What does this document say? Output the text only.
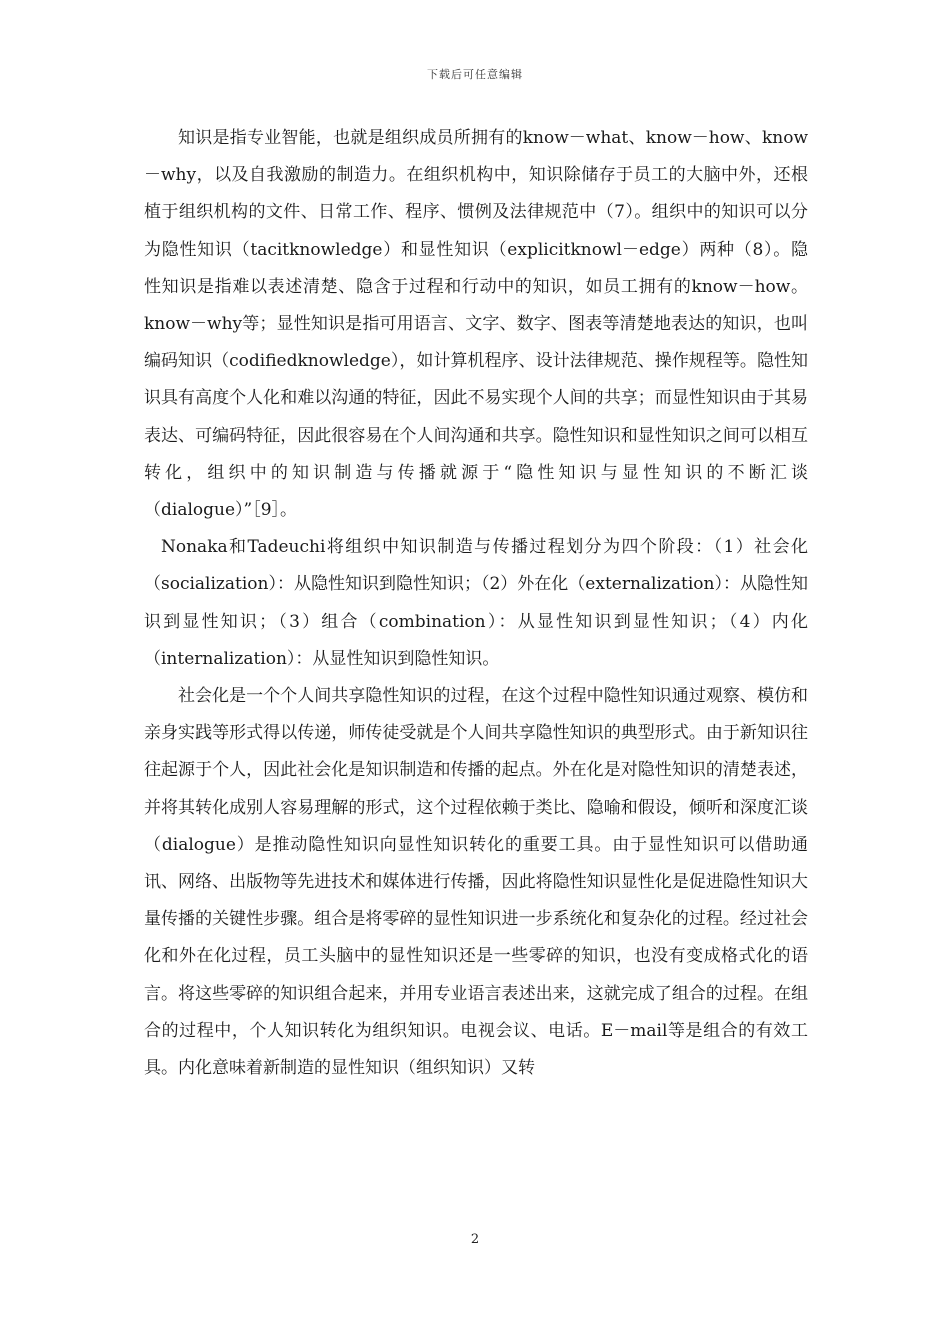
下载后可任意编辑

知识是指专业智能，也就是组织成员所拥有的know－what、know－how、know－why，以及自我激励的制造力。在组织机构中，知识除储存于员工的大脑中外，还根植于组织机构的文件、日常工作、程序、惯例及法律规范中（7）。组织中的知识可以分为隐性知识（tacitknowledge）和显性知识（explicitknowl－edge）两种（8）。隐性知识是指难以表述清楚、隐含于过程和行动中的知识，如员工拥有的know－how。know－why等；显性知识是指可用语言、文字、数字、图表等清楚地表达的知识，也叫编码知识（codifiedknowledge），如计算机程序、设计法律规范、操作规程等。隐性知识具有高度个人化和难以沟通的特征，因此不易实现个人间的共享；而显性知识由于其易表达、可编码特征，因此很容易在个人间沟通和共享。隐性知识和显性知识之间可以相互转化，组织中的知识制造与传播就源于“隐性知识与显性知识的不断汇谈（dialogue）”［9］。

Nonaka和Tadeuchi将组织中知识制造与传播过程划分为四个阶段：（1）社会化（socialization）：从隐性知识到隐性知识；（2）外在化（externalization）：从隐性知识到显性知识；（3）组合（combination）：从显性知识到显性知识；（4）内化（internalization）：从显性知识到隐性知识。

社会化是一个个人间共享隐性知识的过程，在这个过程中隐性知识通过观察、模仿和亲身实践等形式得以传递，师传徒受就是个人间共享隐性知识的典型形式。由于新知识往往起源于个人，因此社会化是知识制造和传播的起点。外在化是对隐性知识的清楚表述，并将其转化成别人容易理解的形式，这个过程依赖于类比、隐喻和假设，倾听和深度汇谈（dialogue）是推动隐性知识向显性知识转化的重要工具。由于显性知识可以借助通讯、网络、出版物等先进技术和媒体进行传播，因此将隐性知识显性化是促进隐性知识大量传播的关键性步骤。组合是将零碎的显性知识进一步系统化和复杂化的过程。经过社会化和外在化过程，员工头脑中的显性知识还是一些零碎的知识，也没有变成格式化的语言。将这些零碎的知识组合起来，并用专业语言表述出来，这就完成了组合的过程。在组合的过程中，个人知识转化为组织知识。电视会议、电话。E－mail等是组合的有效工具。内化意味着新制造的显性知识（组织知识）又转

2
